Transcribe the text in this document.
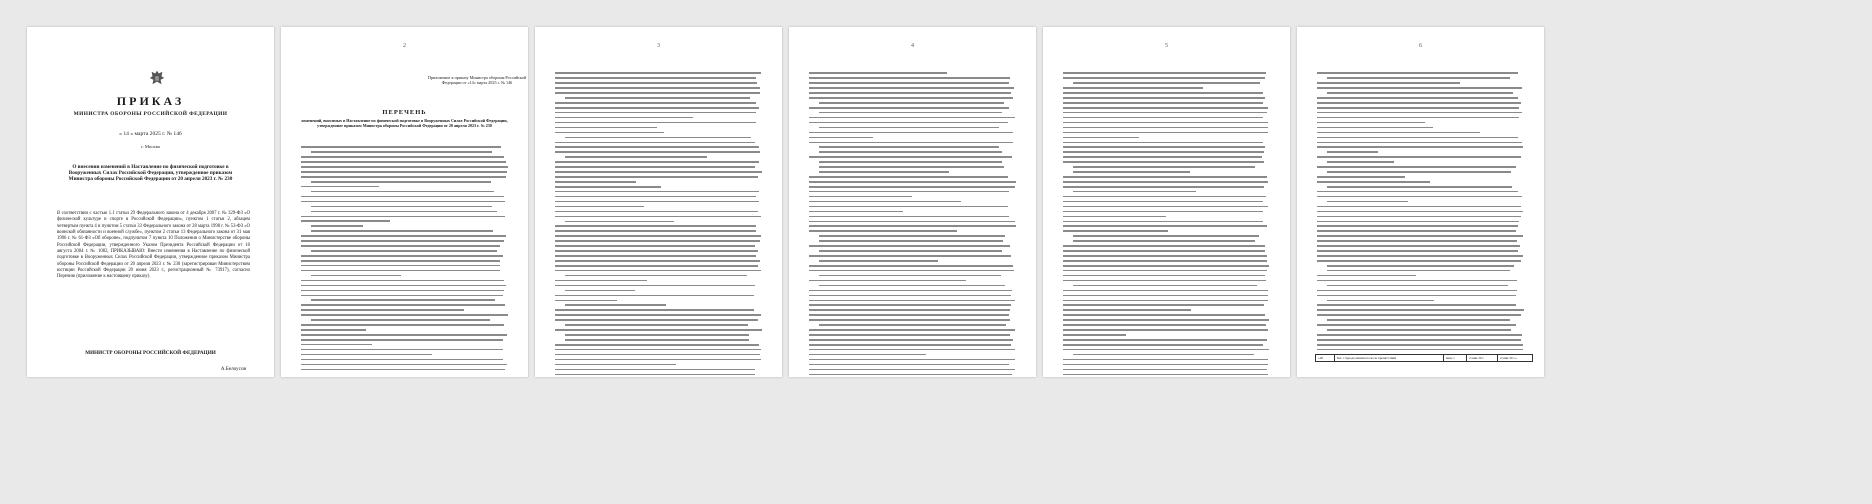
ПРИКАЗ
МИНИСТРА ОБОРОНЫ РОССИЙСКОЙ ФЕДЕРАЦИИ
« 14 » марта 2025 г. № 146
г. Москва
О внесении изменений в Наставление по физической подготовке в Вооруженных Силах Российской Федерации, утвержденное приказом Министра обороны Российской Федерации от 20 апреля 2023 г. № 230
В соответствии с частью 1.1 статьи 29 Федерального закона от 4 декабря 2007 г. № 329-ФЗ «О физической культуре и спорте в Российской Федерации», пунктом 1 статьи 2, абзацем четвертым пункта 4 и пунктом 5 статьи 33 Федерального закона от 28 марта 1998 г. № 53-ФЗ «О воинской обязанности и военной службе», пунктом 2 статьи 13 Федерального закона от 31 мая 1996 г. № 61-ФЗ «Об обороне», подпунктом 7 пункта 10 Положения о Министерстве обороны Российской Федерации, утвержденного Указом Президента Российской Федерации от 16 августа 2004 г. № 1082, ПРИКАЗЫВАЮ: Внести изменения в Наставление по физической подготовке в Вооруженных Силах Российской Федерации, утвержденное приказом Министра обороны Российской Федерации от 20 апреля 2023 г. № 230 (зарегистрирован Министерством юстиции Российской Федерации 20 июня 2023 г., регистрационный № 73917), согласно Перечню (приложение к настоящему приказу).
МИНИСТР ОБОРОНЫ РОССИЙСКОЙ ФЕДЕРАЦИИ
А.Белоусов
2
Приложение к приказу Министра обороны Российской Федерации от «14» марта 2025 г. № 146
ПЕРЕЧЕНЬ
изменений, вносимых в Наставление по физической подготовке в Вооруженных Силах Российской Федерации, утвержденное приказом Министра обороны Российской Федерации от 20 апреля 2023 г. № 230
3	4	5	6
«20	Бег с преодолением полосы препятствий	мин, с	2 мин 20 с	2 мин 30 с».
